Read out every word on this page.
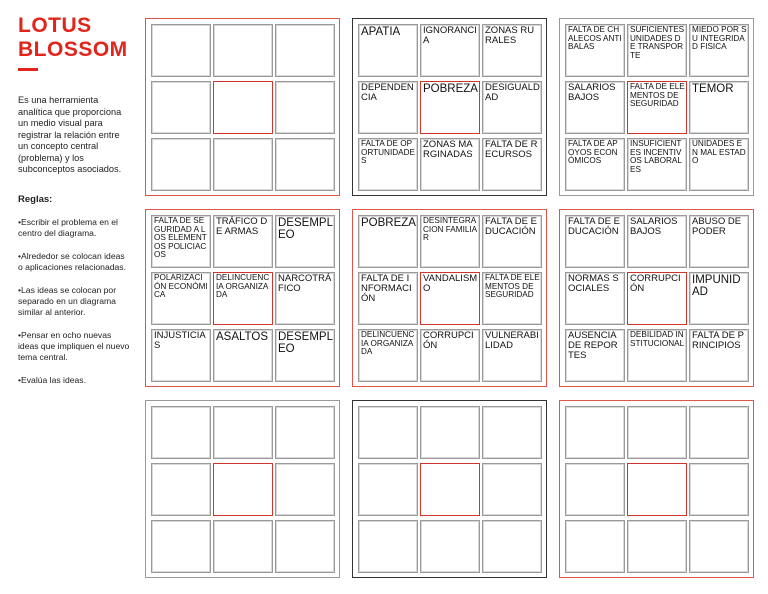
LOTUS
BLOSSOM

Es una herramienta analítica que proporciona un medio visual para registrar la relación entre un concepto central (problema) y los subconceptos asociados.

Reglas:

•Escribir el problema en el centro del diagrama.

•Alrededor se colocan ideas o aplicaciones relacionadas.

•Las ideas se colocan por separado en un diagrama similar al anterior.

•Pensar en ocho nuevas ideas que impliquen el nuevo tema central.

•Evalúa las ideas.

APATIA	IGNORANCIA
ZONAS RURALES
DEPENDENCIA
POBREZA DESIGUALDAD
FALTA DE OPORTUNIDADES
ZONAS MARGINADAS
FALTA DE RECURSOS
FALTA DE CHALECOS ANTIBALAS
SUFICIENTES UNIDADES DE TRANSPORTE
MIEDO POR SU INTEGRIDAD FISICA
SALARIOS BAJOS
FALTA DE ELEMENTOS DE SEGURIDAD
TEMOR
FALTA DE APOYOS ECONÓMICOS
INSUFICIENTES INCENTIVOS LABORALES
UNIDADES EN MAL ESTADO
FALTA DE SEGURIDAD A LOS ELEMENTOS POLICIACOS
TRÁFICO DE ARMAS
DESEMPLEO
POLARIZACIÓN ECONÓMICA
DELINCUENCIA ORGANIZADA
NARCOTRÁFICO
INJUSTICIAS
ASALTOS DESEMPLEO
POBREZA DESINTEGRACION FAMILIAR
FALTA DE EDUCACIÓN
FALTA DE INFORMACIÓN
VANDALISMO
FALTA DE ELEMENTOS DE SEGURIDAD
DELINCUENCIA ORGANIZADA
CORRUPCIÓN
VULNERABILIDAD
FALTA DE EDUCACIÓN
SALARIOS BAJOS
ABUSO DE PODER
NORMAS SOCIALES
CORRUPCIÓN
IMPUNIDAD
AUSENCIA DE REPORTES
DEBILIDAD INSTITUCIONAL
FALTA DE PRINCIPIOS
